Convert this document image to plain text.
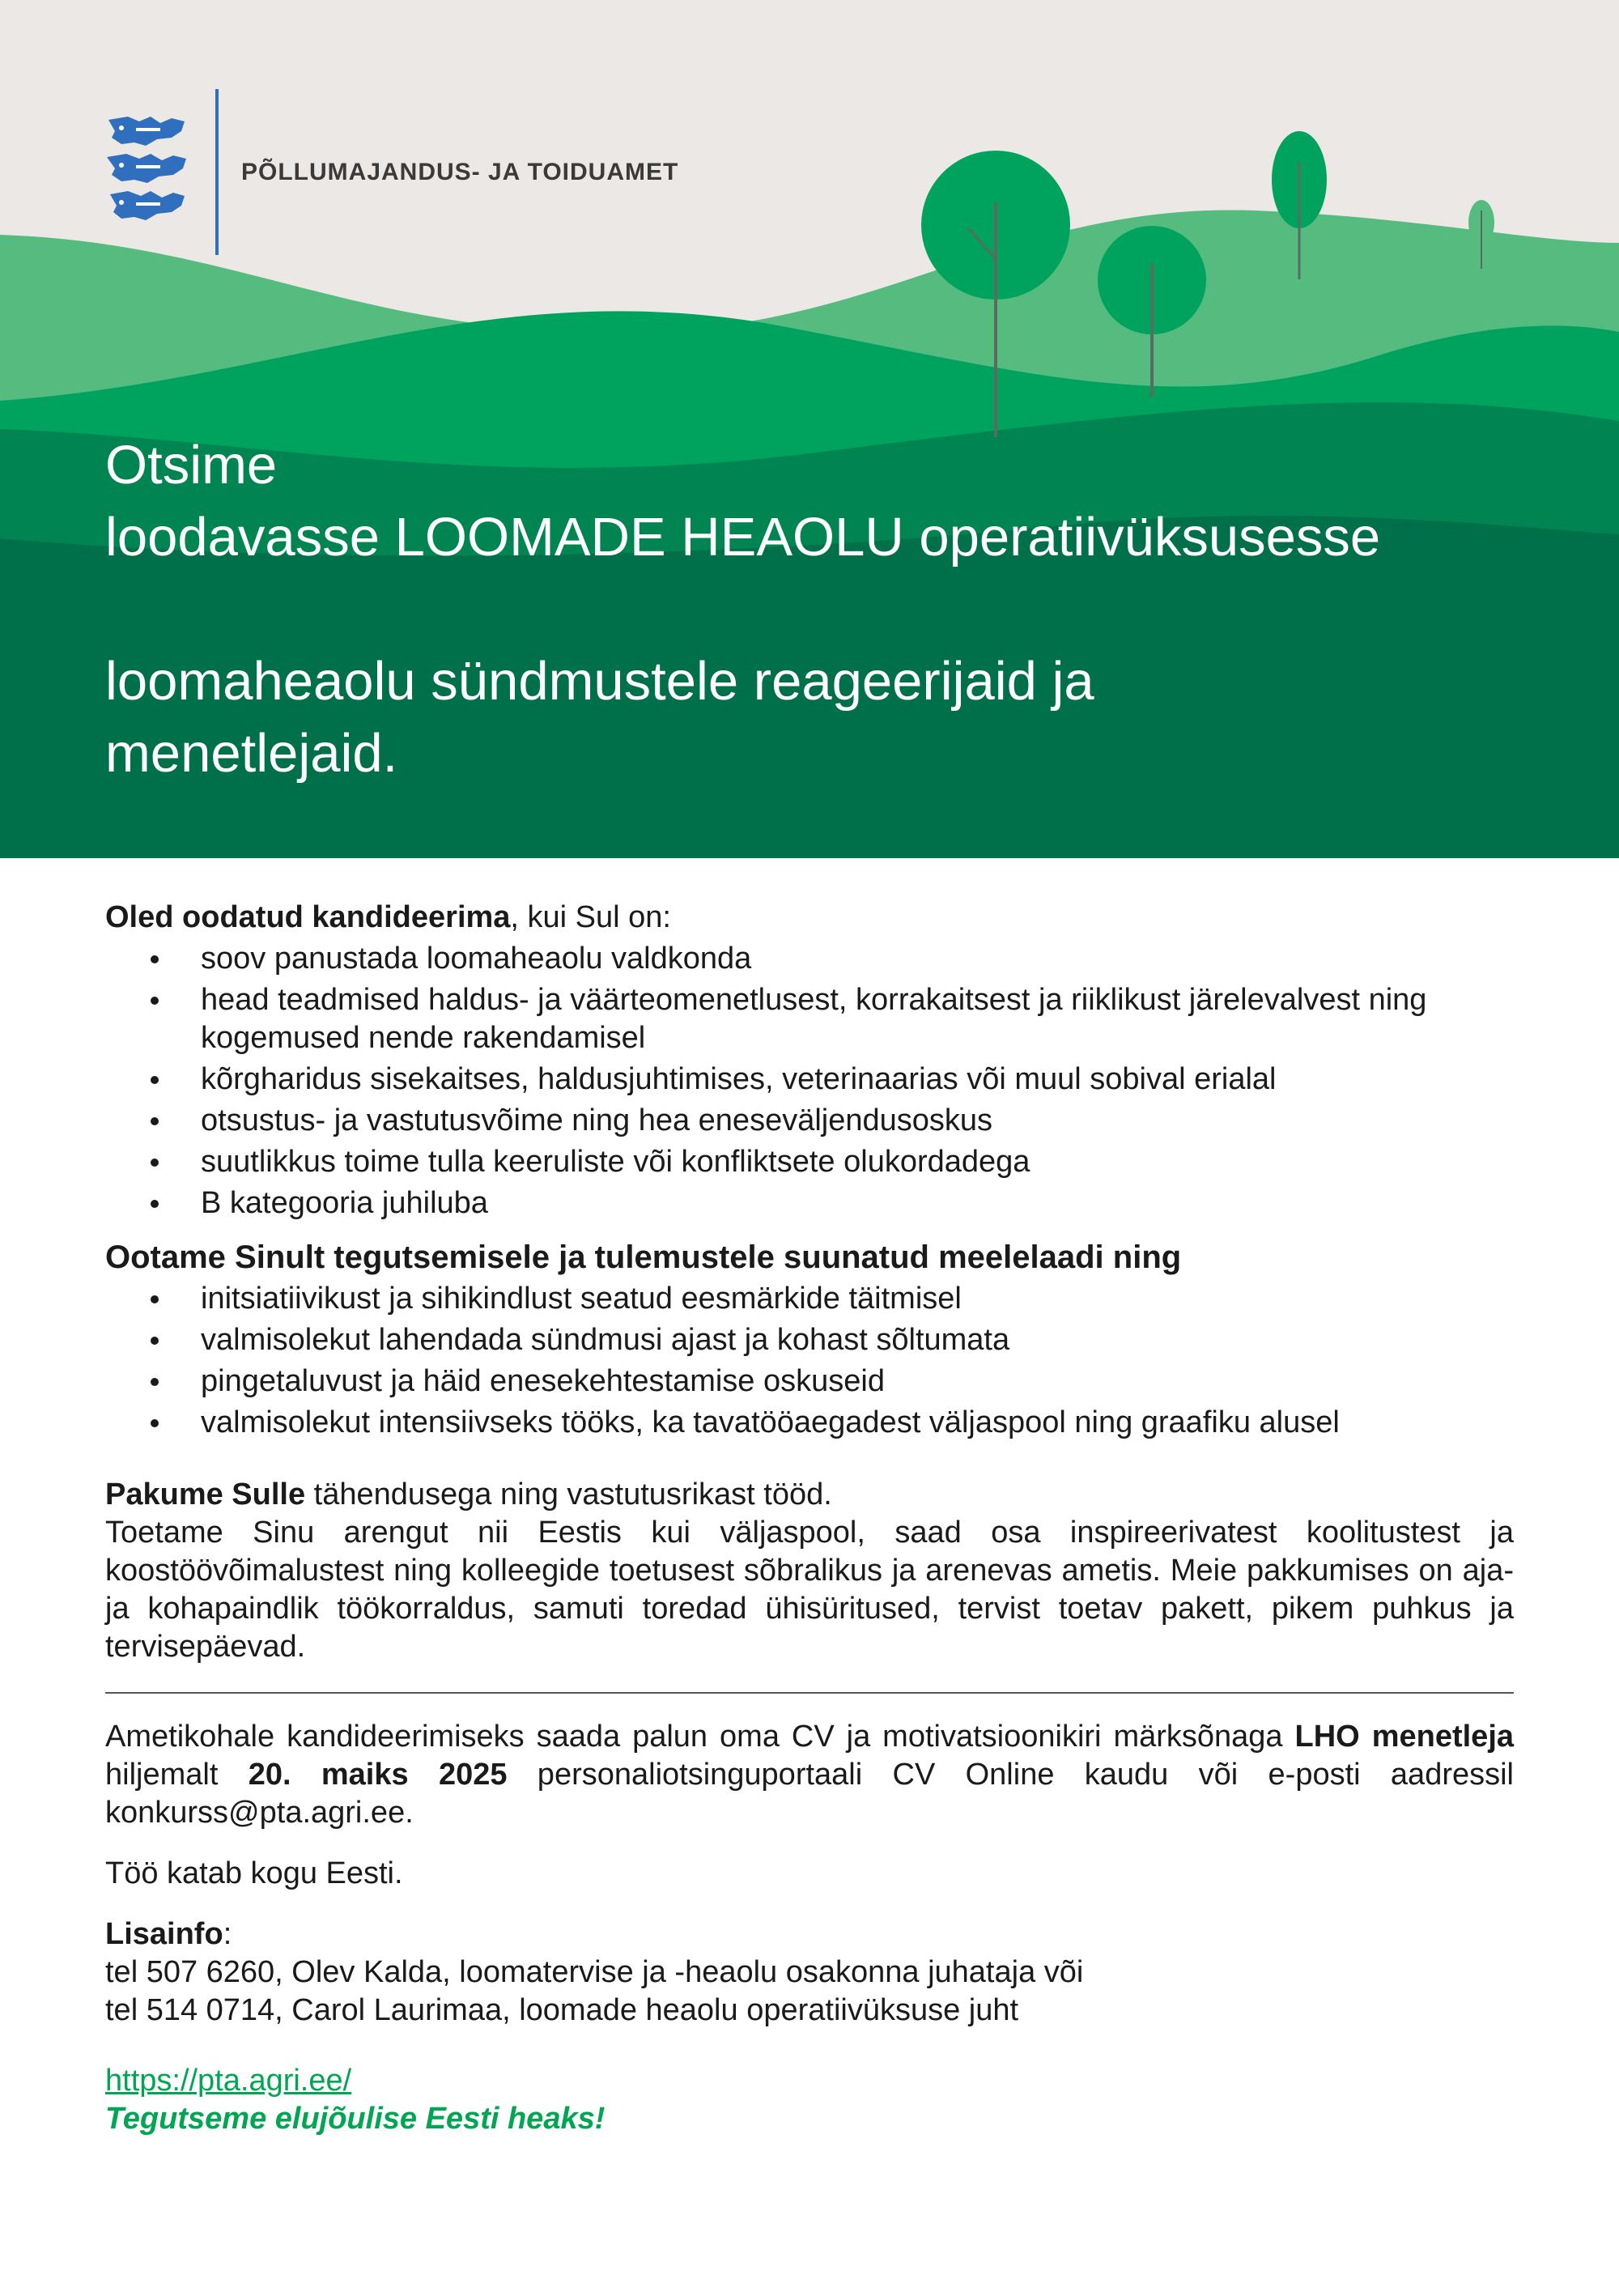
PÕLLUMAJANDUS- JA TOIDUAMET
Otsime
loodavasse LOOMADE HEAOLU operatiivüksusesse
loomaheaolu sündmustele reageerijaid ja
menetlejaid.
Oled oodatud kandideerima, kui Sul on:
soov panustada loomaheaolu valdkonda
head teadmised haldus- ja väärteomenetlusest, korrakaitsest ja riiklikust järelevalvest ning
kogemused nende rakendamisel
kõrgharidus sisekaitses, haldusjuhtimises, veterinaarias või muul sobival erialal
otsustus- ja vastutusvõime ning hea eneseväljendusoskus
suutlikkus toime tulla keeruliste või konfliktsete olukordadega
B kategooria juhiluba
Ootame Sinult tegutsemisele ja tulemustele suunatud meelelaadi ning
initsiatiivikust ja sihikindlust seatud eesmärkide täitmisel
valmisolekut lahendada sündmusi ajast ja kohast sõltumata
pingetaluvust ja häid enesekehtestamise oskuseid
valmisolekut intensiivseks tööks, ka tavatööaegadest väljaspool ning graafiku alusel
Pakume Sulle tähendusega ning vastutusrikast tööd.
Toetame Sinu arengut nii Eestis kui väljaspool, saad osa inspireerivatest koolitustest ja koostöövõimalustest ning kolleegide toetusest sõbralikus ja arenevas ametis. Meie pakkumises on aja- ja kohapaindlik töökorraldus, samuti toredad ühisüritused, tervist toetav pakett, pikem puhkus ja tervisepäevad.
Ametikohale kandideerimiseks saada palun oma CV ja motivatsioonikiri märksõnaga LHO menetleja hiljemalt 20. maiks 2025 personaliotsinguportaali CV Online kaudu või e-posti aadressil konkurss@pta.agri.ee.
Töö katab kogu Eesti.
Lisainfo:
tel 507 6260, Olev Kalda, loomatervise ja -heaolu osakonna juhataja või
tel 514 0714, Carol Laurimaa, loomade heaolu operatiivüksuse juht
https://pta.agri.ee/
Tegutseme elujõulise Eesti heaks!
